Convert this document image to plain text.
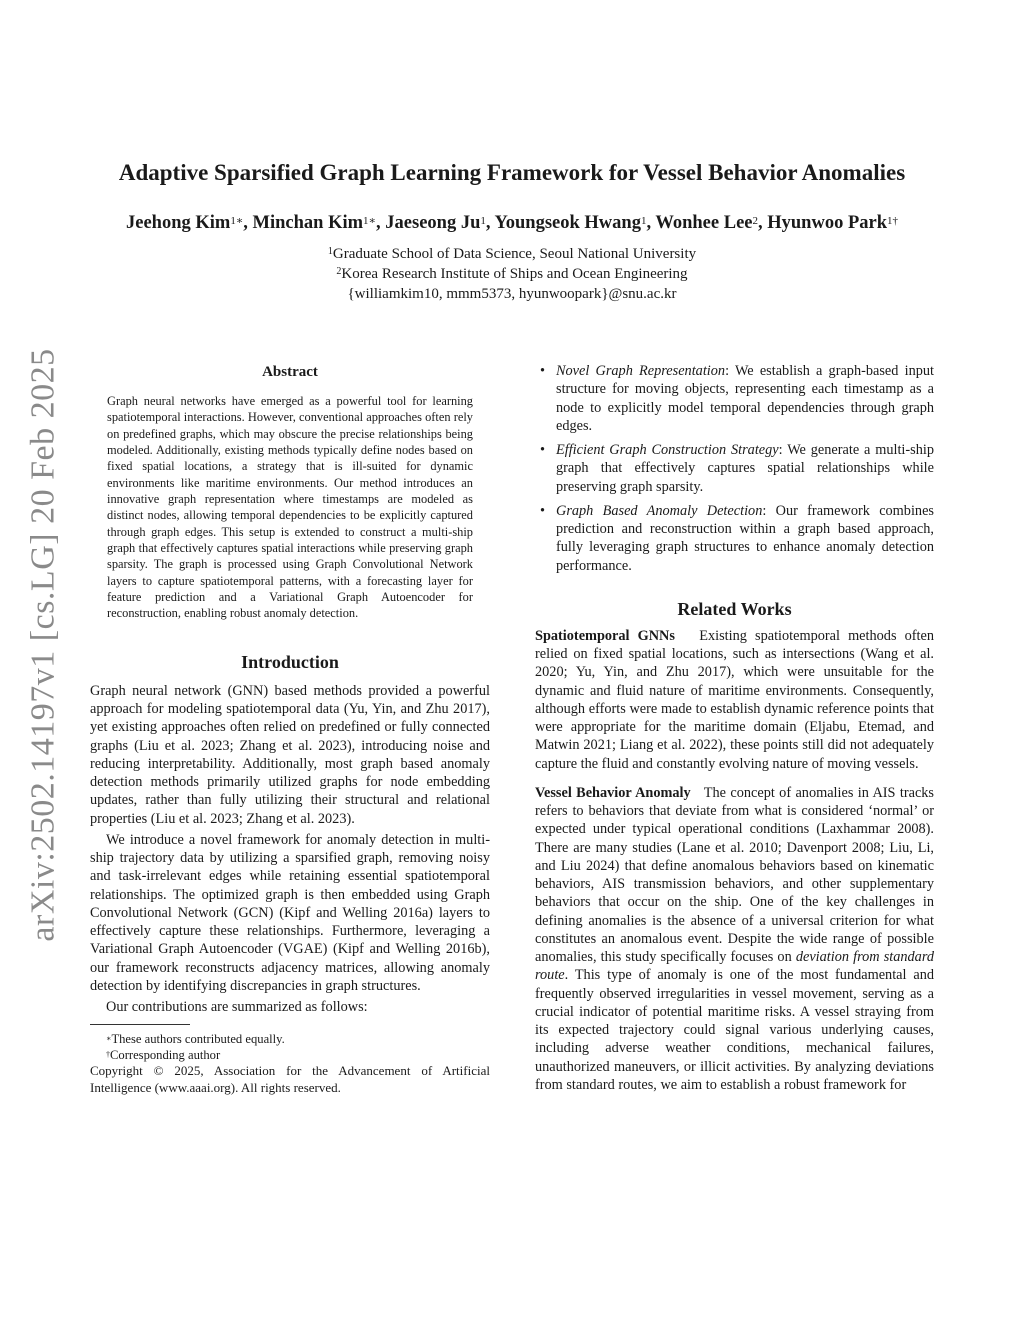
arXiv:2502.14197v1 [cs.LG] 20 Feb 2025
Adaptive Sparsified Graph Learning Framework for Vessel Behavior Anomalies
Jeehong Kim$^{1∗}$, Minchan Kim$^{1∗}$, Jaeseong Ju$^1$, Youngseok Hwang$^1$, Wonhee Lee$^2$, Hyunwoo Park$^{1\dagger}$
$^1$Graduate School of Data Science, Seoul National University
$^2$Korea Research Institute of Ships and Ocean Engineering
{williamkim10, mmm5373, hyunwoopark}@snu.ac.kr
Abstract

Graph neural networks have emerged as a powerful tool for learning spatiotemporal interactions. However, conventional approaches often rely on predefined graphs, which may obscure the precise relationships being modeled. Additionally, existing methods typically define nodes based on fixed spatial locations, a strategy that is ill-suited for dynamic environments like maritime environments. Our method introduces an innovative graph representation where timestamps are modeled as distinct nodes, allowing temporal dependencies to be explicitly captured through graph edges. This setup is extended to construct a multi-ship graph that effectively captures spatial interactions while preserving graph sparsity. The graph is processed using Graph Convolutional Network layers to capture spatiotemporal patterns, with a forecasting layer for feature prediction and a Variational Graph Autoencoder for reconstruction, enabling robust anomaly detection.

Introduction

Graph neural network (GNN) based methods provided a powerful approach for modeling spatiotemporal data (Yu, Yin, and Zhu 2017), yet existing approaches often relied on predefined or fully connected graphs (Liu et al. 2023; Zhang et al. 2023), introducing noise and reducing interpretability. Additionally, most graph based anomaly detection methods primarily utilized graphs for node embedding updates, rather than fully utilizing their structural and relational properties (Liu et al. 2023; Zhang et al. 2023).

We introduce a novel framework for anomaly detection in multi-ship trajectory data by utilizing a sparsified graph, removing noisy and task-irrelevant edges while retaining essential spatiotemporal relationships. The optimized graph is then embedded using Graph Convolutional Network (GCN) (Kipf and Welling 2016a) layers to effectively capture these relationships. Furthermore, leveraging a Variational Graph Autoencoder (VGAE) (Kipf and Welling 2016b), our framework reconstructs adjacency matrices, allowing anomaly detection by identifying discrepancies in graph structures.

Our contributions are summarized as follows:

∗These authors contributed equally.

†Corresponding author

Copyright © 2025, Association for the Advancement of Artificial Intelligence (www.aaai.org). All rights reserved.

• Novel Graph Representation: We establish a graph-based input structure for moving objects, representing each timestamp as a node to explicitly model temporal dependencies through graph edges.
• Efficient Graph Construction Strategy: We generate a multi-ship graph that effectively captures spatial relationships while preserving graph sparsity.
• Graph Based Anomaly Detection: Our framework combines prediction and reconstruction within a graph based approach, fully leveraging graph structures to enhance anomaly detection performance.
Related Works

Spatiotemporal GNNs Existing spatiotemporal methods often relied on fixed spatial locations, such as intersections (Wang et al. 2020; Yu, Yin, and Zhu 2017), which were unsuitable for the dynamic and fluid nature of maritime environments. Consequently, although efforts were made to establish dynamic reference points that were appropriate for the maritime domain (Eljabu, Etemad, and Matwin 2021; Liang et al. 2022), these points still did not adequately capture the fluid and constantly evolving nature of moving vessels.

Vessel Behavior Anomaly The concept of anomalies in AIS tracks refers to behaviors that deviate from what is considered ‘normal’ or expected under typical operational conditions (Laxhammar 2008). There are many studies (Lane et al. 2010; Davenport 2008; Liu, Li, and Liu 2024) that define anomalous behaviors based on kinematic behaviors, AIS transmission behaviors, and other supplementary behaviors that occur on the ship. One of the key challenges in defining anomalies is the absence of a universal criterion for what constitutes an anomalous event. Despite the wide range of possible anomalies, this study specifically focuses on deviation from standard route. This type of anomaly is one of the most fundamental and frequently observed irregularities in vessel movement, serving as a crucial indicator of potential maritime risks. A vessel straying from its expected trajectory could signal various underlying causes, including adverse weather conditions, mechanical failures, unauthorized maneuvers, or illicit activities. By analyzing deviations from standard routes, we aim to establish a robust framework for
